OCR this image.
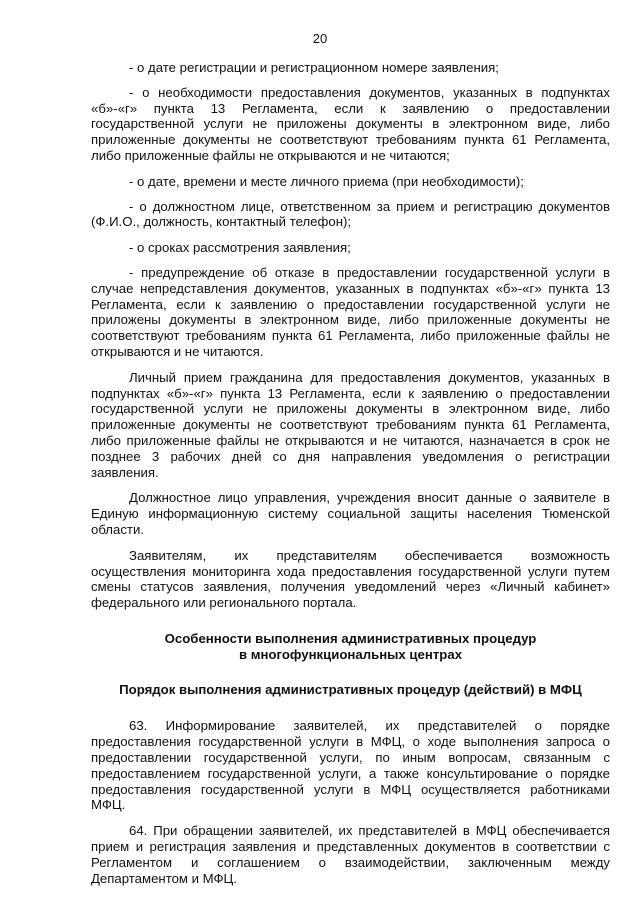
20

- о дате регистрации и регистрационном номере заявления;

- о необходимости предоставления документов, указанных в подпунктах «б»-«г» пункта 13 Регламента, если к заявлению о предоставлении государственной услуги не приложены документы в электронном виде, либо приложенные документы не соответствуют требованиям пункта 61 Регламента, либо приложенные файлы не открываются и не читаются;

- о дате, времени и месте личного приема (при необходимости);

- о должностном лице, ответственном за прием и регистрацию документов (Ф.И.О., должность, контактный телефон);

- о сроках рассмотрения заявления;

- предупреждение об отказе в предоставлении государственной услуги в случае непредставления документов, указанных в подпунктах «б»-«г» пункта 13 Регламента, если к заявлению о предоставлении государственной услуги не приложены документы в электронном виде, либо приложенные документы не соответствуют требованиям пункта 61 Регламента, либо приложенные файлы не открываются и не читаются.

Личный прием гражданина для предоставления документов, указанных в подпунктах «б»-«г» пункта 13 Регламента, если к заявлению о предоставлении государственной услуги не приложены документы в электронном виде, либо приложенные документы не соответствуют требованиям пункта 61 Регламента, либо приложенные файлы не открываются и не читаются, назначается в срок не позднее 3 рабочих дней со дня направления уведомления о регистрации заявления.

Должностное лицо управления, учреждения вносит данные о заявителе в Единую информационную систему социальной защиты населения Тюменской области.

Заявителям, их представителям обеспечивается возможность осуществления мониторинга хода предоставления государственной услуги путем смены статусов заявления, получения уведомлений через «Личный кабинет» федерального или регионального портала.

Особенности выполнения административных процедур
в многофункциональных центрах
Порядок выполнения административных процедур (действий) в МФЦ

63. Информирование заявителей, их представителей о порядке предоставления государственной услуги в МФЦ, о ходе выполнения запроса о предоставлении государственной услуги, по иным вопросам, связанным с предоставлением государственной услуги, а также консультирование о порядке предоставления государственной услуги в МФЦ осуществляется работниками МФЦ.

64. При обращении заявителей, их представителей в МФЦ обеспечивается прием и регистрация заявления и представленных документов в соответствии с Регламентом и соглашением о взаимодействии, заключенным между Департаментом и МФЦ.
